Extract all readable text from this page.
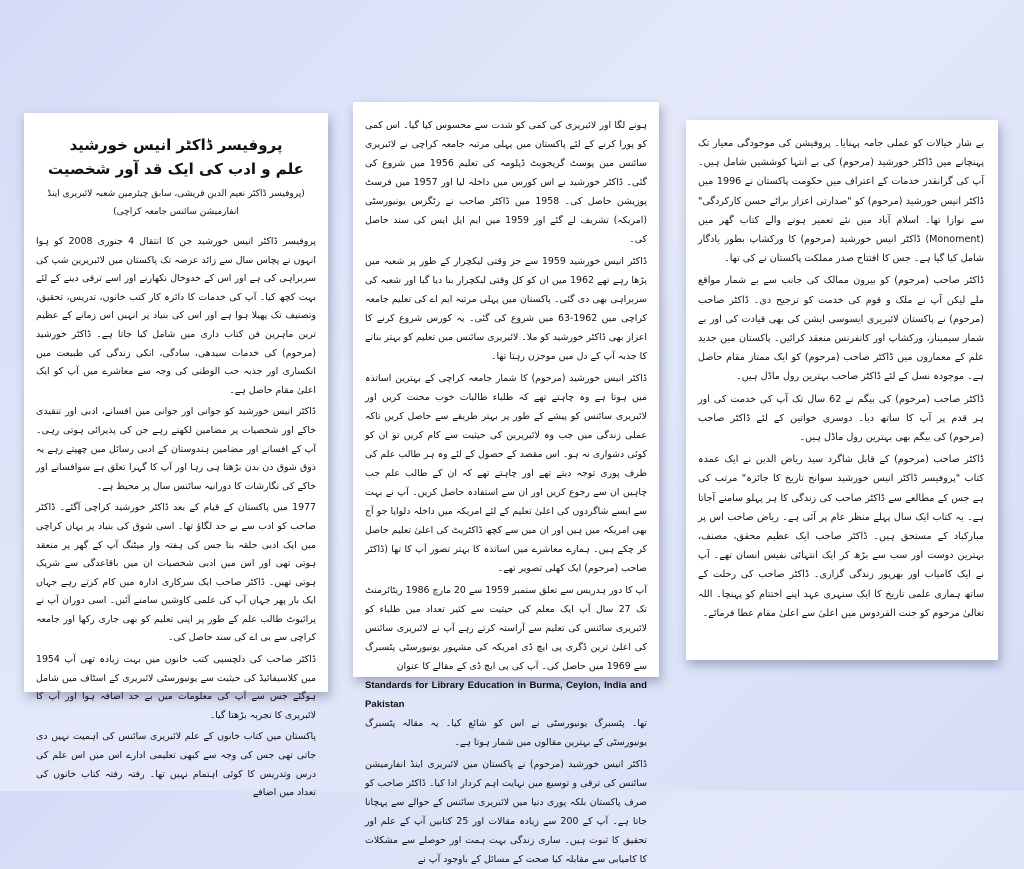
بے شار خیالات کو عملی جامہ پہنایا۔ پروفیشن کی موجودگی معیار تک پہنچانے میں ڈاکٹر خورشید (مرحوم) کی بے انتہا کوششیں شامل ہیں۔ آپ کی گرانقدر خدمات کے اعتراف میں حکومت پاکستان نے 1996 میں ڈاکٹر انیس خورشید (مرحوم) کو "صدارتی اعزاز برائے حسن کارکردگی" سے نوازا تھا۔ اسلام آباد میں نئے تعمیر ہونے والے کتاب گھر میں (Monoment) ڈاکٹر انیس خورشید (مرحوم) کا ورکشاپ بطور یادگار شامل کیا گیا ہے۔ جس کا افتتاح صدر مملکت پاکستان نے کی تھا۔

ڈاکٹر صاحب (مرحوم) کو بیرون ممالک کی جانب سے بے شمار مواقع ملے لیکن آپ نے ملک و قوم کی خدمت کو ترجیح دی۔ ڈاکٹر صاحب (مرحوم) نے پاکستان لائبریری ایسوسی ایشن کی بھی قیادت کی اور بے شمار سیمینار، ورکشاپ اور کانفرنس منعقد کرائیں۔ پاکستان میں جدید علم کے معماروں میں ڈاکٹر صاحب (مرحوم) کو ایک ممتاز مقام حاصل ہے۔ موجودہ نسل کے لئے ڈاکٹر صاحب بہترین رول ماڈل ہیں۔

ڈاکٹر صاحب (مرحوم) کی بیگم نے 62 سال تک آپ کی خدمت کی اور ہر قدم پر آپ کا ساتھ دیا۔ دوسری خواتین کے لئے ڈاکٹر صاحب (مرحوم) کی بیگم بھی بہترین رول ماڈل ہیں۔

ڈاکٹر صاحب (مرحوم) کے قابل شاگرد سید ریاض الدین نے ایک عمدہ کتاب "پروفیسر ڈاکٹر انیس خورشید سوانح تاریخ کا جائزہ" مرتب کی ہے جس کے مطالعے سے ڈاکٹر صاحب کی زندگی کا ہر پہلو سامنے آجاتا ہے۔ یہ کتاب ایک سال پہلے منظر عام پر آئی ہے۔ ریاض صاحب اس پر مبارکباد کے مستحق ہیں۔ ڈاکٹر صاحب ایک عظیم محقق، مصنف، بہترین دوست اور سب سے بڑھ کر ایک انتہائی نفیس انسان تھے۔ آپ نے ایک کامیاب اور بھرپور زندگی گزاری۔ ڈاکٹر صاحب کی رحلت کے ساتھ ہماری علمی تاریخ کا ایک سنہری عہد اپنے اختتام کو پہنچا۔ اللہ تعالیٰ مرحوم کو جنت الفردوس میں اعلیٰ سے اعلیٰ مقام عطا فرمائے۔

ہونے لگا اور لائبریری کی کمی کو شدت سے محسوس کیا گیا۔ اس کمی کو پورا کرنے کے لئے پاکستان میں پہلی مرتبہ جامعہ کراچی نے لائبریری سائنس میں پوسٹ گریجویٹ ڈپلومہ کی تعلیم 1956 میں شروع کی گئی۔ ڈاکٹر خورشید نے اس کورس میں داخلہ لیا اور 1957 میں فرسٹ پوزیشن حاصل کی۔ 1958 میں ڈاکٹر صاحب نے رٹگرس یونیورسٹی (امریکہ) تشریف لے گئے اور 1959 میں ایم ایل ایس کی سند حاصل کی۔

ڈاکٹر انیس خورشید 1959 سے جز وقتی لیکچرار کے طور پر شعبہ میں پڑھا رہے تھے 1962 میں ان کو کل وقتی لیکچرار بنا دیا گیا اور شعبہ کی سربراہی بھی دی گئی۔ پاکستان میں پہلی مرتبہ ایم اے کی تعلیم جامعہ کراچی میں 1962-63 میں شروع کی گئی۔ یہ کورس شروع کرنے کا اعزاز بھی ڈاکٹر خورشید کو ملا۔ لائبریری سائنس میں تعلیم کو بہتر بنانے کا جذبہ آپ کے دل میں موجزن رہتا تھا۔

ڈاکٹر انیس خورشید (مرحوم) کا شمار جامعہ کراچی کے بہترین اساتذہ میں ہوتا ہے وہ چاہتے تھے کہ طلباء طالبات خوب محنت کریں اور لائبریری سائنس کو پیشے کے طور پر بہتر طریقے سے حاصل کریں تاکہ عملی زندگی میں جب وہ لائبریرین کی حیثیت سے کام کریں تو ان کو کوئی دشواری نہ ہو۔ اس مقصد کے حصول کے لئے وہ ہر طالب علم کی طرف پوری توجہ دیتے تھے اور چاہتے تھے کہ ان کے طالب علم جب چاہیں ان سے رجوع کریں اور ان سے استفادہ حاصل کریں۔ آپ نے بہت سے ایسے شاگردوں کی اعلیٰ تعلیم کے لئے امریکہ میں داخلہ دلوایا جو آج بھی امریکہ میں ہیں اور ان میں سے کچھ ڈاکٹریٹ کی اعلیٰ تعلیم حاصل کر چکے ہیں۔ ہمارے معاشرے میں اساتذہ کا بہتر تصور آپ کا تھا (ڈاکٹر صاحب (مرحوم) ایک کھلی تصویر تھے۔

آپ کا دور ہدریس سے تعلق ستمبر 1959 سے 20 مارچ 1986 ریٹائرمنٹ تک 27 سال آپ ایک معلم کی حیثیت سے کثیر تعداد میں طلباء کو لائبریری سائنس کی تعلیم سے آراستہ کرتے رہے آپ نے لائبریری سائنس کی اعلیٰ ترین ڈگری پی ایچ ڈی امریکہ کی مشہور یونیورسٹی پٹسبرگ سے 1969 میں حاصل کی۔ آپ کی پی ایچ ڈی کے مقالے کا عنوان

Standards for Library Education in Burma, Ceylon, India and Pakistan

تھا۔ پٹسبرگ یونیورسٹی نے اس کو شائع کیا۔ یہ مقالہ پٹسبرگ یونیورسٹی کے بہترین مقالوں میں شمار ہوتا ہے۔

ڈاکٹر انیس خورشید (مرحوم) نے پاکستان میں لائبریری اینڈ انفارمیشن سائنس کی ترقی و توسیع میں نہایت اہم کردار ادا کیا۔ ڈاکٹر صاحب کو صرف پاکستان بلکہ پوری دنیا میں لائبریری سائنس کے حوالے سے پہچانا جاتا ہے۔ آپ کے 200 سے زیادہ مقالات اور 25 کتابیں آپ کے علم اور تحقیق کا ثبوت ہیں۔ ساری زندگی بہت ہمت اور حوصلے سے مشکلات کا کامیابی سے مقابلہ کیا صحت کے مسائل کے باوجود آپ نے

پروفیسر ڈاکٹر انیس خورشید
علم و ادب کی ایک قد آور شخصیت
(پروفیسر ڈاکٹر نعیم الدین قریشی، سابق چیئرمین شعبہ لائبریری اینڈ انفارمیشن سائنس جامعہ کراچی)

پروفیسر ڈاکٹر انیس خورشید جن کا انتقال 4 جنوری 2008 کو ہوا انہوں نے پچاس سال سے زائد عرصہ تک پاکستان میں لائبریرین شپ کی سربراہی کی ہے اور اس کے خدوخال نکھارنے اور اسے ترقی دینے کے لئے بہت کچھ کیا۔ آپ کی خدمات کا دائرہ کار کتب خانوں، تدریس، تحقیق، وتصنیف تک پھیلا ہوا ہے اور اس کی بنیاد پر انہیں اس زمانے کے عظیم ترین ماہرین فن کتاب داری میں شامل کیا جاتا ہے۔ ڈاکٹر خورشید (مرحوم) کی خدمات سیدھی، سادگی، انکی زندگی کی طبیعت میں انکساری اور جذبہ حب الوطنی کی وجہ سے معاشرے میں آپ کو ایک اعلیٰ مقام حاصل ہے۔

ڈاکٹر انیس خورشید کو جوانی اور جوانی میں افسانے، ادبی اور تنقیدی خاکے اور شخصیات پر مضامین لکھنے رہے جن کی پذیرائی ہوتی رہی۔ آپ کے افسانے اور مضامین ہندوستان کے ادبی رسائل میں چھپتے رہے یہ ذوق شوق دن بدن بڑھتا ہی رہا اور آپ کا گہرا تعلق ہے سوافسانے اور خاکے کی نگارشات کا دورانیہ سائنس سال پر محیط ہے۔

1977 میں پاکستان کے قیام کے بعد ڈاکٹر خورشید کراچی آگئے۔ ڈاکٹر صاحب کو ادب سے بے حد لگاؤ تھا۔ اسی شوق کی بنیاد پر یہاں کراچی میں ایک ادبی حلقہ بنا جس کی ہفتہ وار میٹنگ آپ کے گھر پر منعقد ہوتی تھی اور اس میں ادبی شخصیات ان میں باقاعدگی سے شریک ہوتی تھیں۔ ڈاکٹر صاحب ایک سرکاری ادارہ میں کام کرتے رہے جہاں ایک بار پھر جہاں آپ کی علمی کاوشیں سامنے آئیں۔ اسی دوران آپ نے پرائیوٹ طالب علم کے طور پر اپنی تعلیم کو بھی جاری رکھا اور جامعہ کراچی سے بی اے کی سند حاصل کی۔

ڈاکٹر صاحب کی دلچسپی کتب خانوں میں بہت زیادہ تھی آپ 1954 میں کلاسیفائیڈ کی حیثیت سے یونیورسٹی لائبریری کے اسٹاف میں شامل ہوگئے جس سے آپ کی معلومات میں بے حد اضافہ ہوا اور آپ کا لائبریری کا تجربہ بڑھتا گیا۔

پاکستان میں کتاب خانوں کے علم لائبریری سائنس کی اہمیت نہیں دی جاتی تھی جس کی وجہ سے کبھی تعلیمی ادارے اس میں اس علم کی درس وتدریس کا کوئی اہتمام نہیں تھا۔ رفتہ رفتہ کتاب خانوں کی تعداد میں اضافے
